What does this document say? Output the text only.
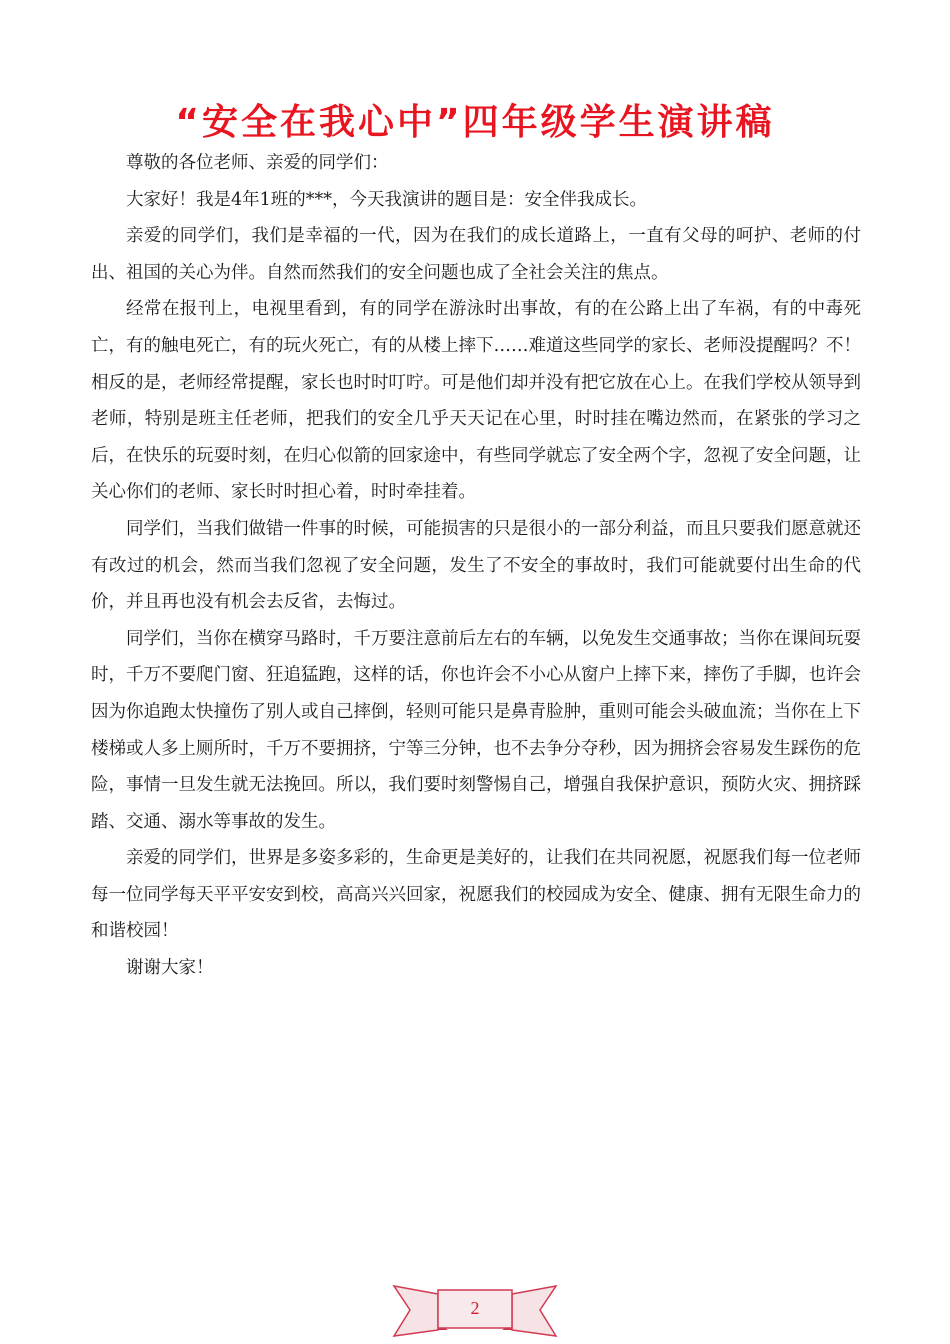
“安全在我心中”四年级学生演讲稿

尊敬的各位老师、亲爱的同学们：

大家好！我是4年1班的***，今天我演讲的题目是：安全伴我成长。

亲爱的同学们，我们是幸福的一代，因为在我们的成长道路上，一直有父母的呵护、老师的付出、祖国的关心为伴。自然而然我们的安全问题也成了全社会关注的焦点。

经常在报刊上，电视里看到，有的同学在游泳时出事故，有的在公路上出了车祸，有的中毒死亡，有的触电死亡，有的玩火死亡，有的从楼上摔下……难道这些同学的家长、老师没提醒吗？不！相反的是，老师经常提醒，家长也时时叮咛。可是他们却并没有把它放在心上。在我们学校从领导到老师，特别是班主任老师，把我们的安全几乎天天记在心里，时时挂在嘴边然而，在紧张的学习之后，在快乐的玩耍时刻，在归心似箭的回家途中，有些同学就忘了安全两个字，忽视了安全问题，让关心你们的老师、家长时时担心着，时时牵挂着。

同学们，当我们做错一件事的时候，可能损害的只是很小的一部分利益，而且只要我们愿意就还有改过的机会，然而当我们忽视了安全问题，发生了不安全的事故时，我们可能就要付出生命的代价，并且再也没有机会去反省，去悔过。

同学们，当你在横穿马路时，千万要注意前后左右的车辆，以免发生交通事故；当你在课间玩耍时，千万不要爬门窗、狂追猛跑，这样的话，你也许会不小心从窗户上摔下来，摔伤了手脚，也许会因为你追跑太快撞伤了别人或自己摔倒，轻则可能只是鼻青脸肿，重则可能会头破血流；当你在上下楼梯或人多上厕所时，千万不要拥挤，宁等三分钟，也不去争分夺秒，因为拥挤会容易发生踩伤的危险，事情一旦发生就无法挽回。所以，我们要时刻警惕自己，增强自我保护意识，预防火灾、拥挤踩踏、交通、溺水等事故的发生。

亲爱的同学们，世界是多姿多彩的，生命更是美好的，让我们在共同祝愿，祝愿我们每一位老师每一位同学每天平平安安到校，高高兴兴回家，祝愿我们的校园成为安全、健康、拥有无限生命力的和谐校园！

谢谢大家！

2
